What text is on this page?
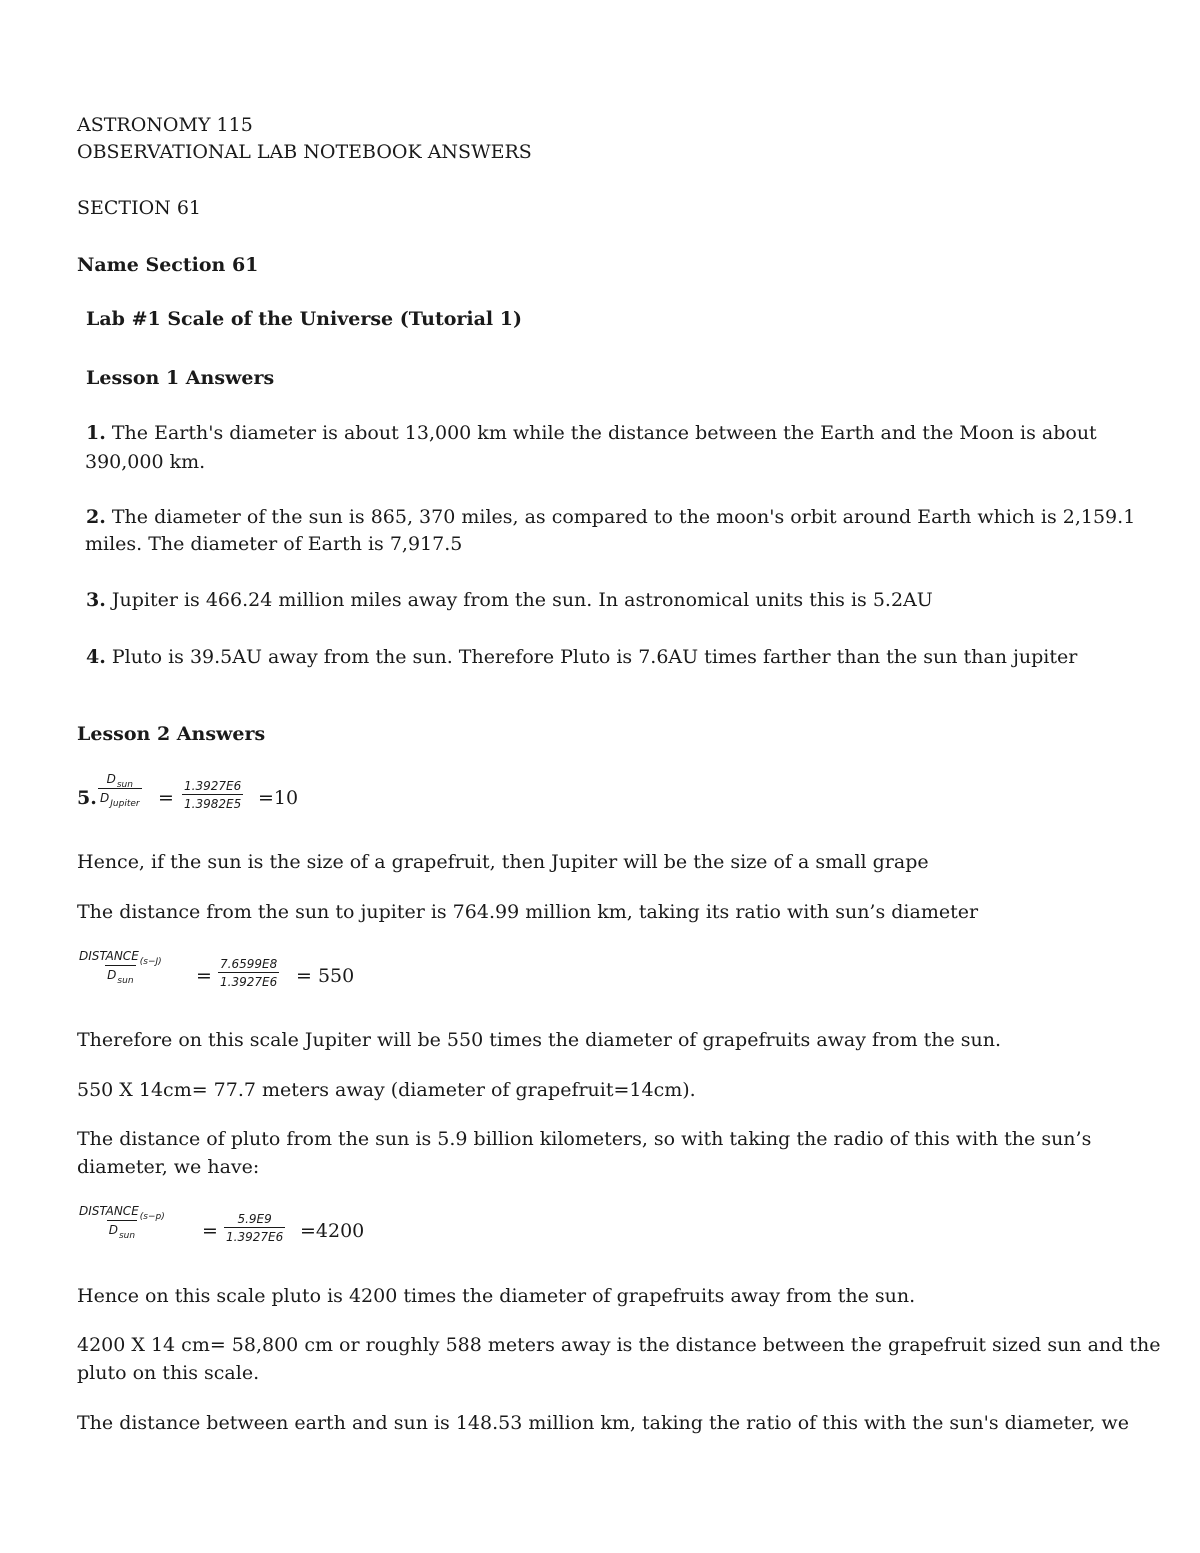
ASTRONOMY 115
OBSERVATIONAL LAB NOTEBOOK ANSWERS
SECTION 61
Name Section 61
Lab #1 Scale of the Universe (Tutorial 1)
Lesson 1 Answers
1. The Earth's diameter is about 13,000 km while the distance between the Earth and the Moon is about
390,000 km.
2. The diameter of the sun is 865, 370 miles, as compared to the moon's orbit around Earth which is 2,159.1
miles. The diameter of Earth is 7,917.5
3. Jupiter is 466.24 million miles away from the sun. In astronomical units this is 5.2AU
4. Pluto is 39.5AU away from the sun. Therefore Pluto is 7.6AU times farther than the sun than jupiter
Lesson 2 Answers
5.
$D_{sun}$
$D_{Jupiter} = \frac{1.3927E6}{1.3982E5} =10$
Hence, if the sun is the size of a grapefruit, then Jupiter will be the size of a small grape
The distance from the sun to jupiter is 764.99 million km, taking its ratio with sun’s diameter
$DISTANCE_{(s-J)}$
$D_{sun}$	= $\frac{7.6599E8}{1.3927E6} = 550$
Therefore on this scale Jupiter will be 550 times the diameter of grapefruits away from the sun.
550 X 14cm= 77.7 meters away (diameter of grapefruit=14cm).
The distance of pluto from the sun is 5.9 billion kilometers, so with taking the radio of this with the sun’s
diameter, we have:
$DISTANCE_{(s-p)}$
$D_{sun}$	= $\frac{5.9E9}{1.3927E6} =4200$
Hence on this scale pluto is 4200 times the diameter of grapefruits away from the sun.
4200 X 14 cm= 58,800 cm or roughly 588 meters away is the distance between the grapefruit sized sun and the
pluto on this scale.
The distance between earth and sun is 148.53 million km, taking the ratio of this with the sun's diameter, we
